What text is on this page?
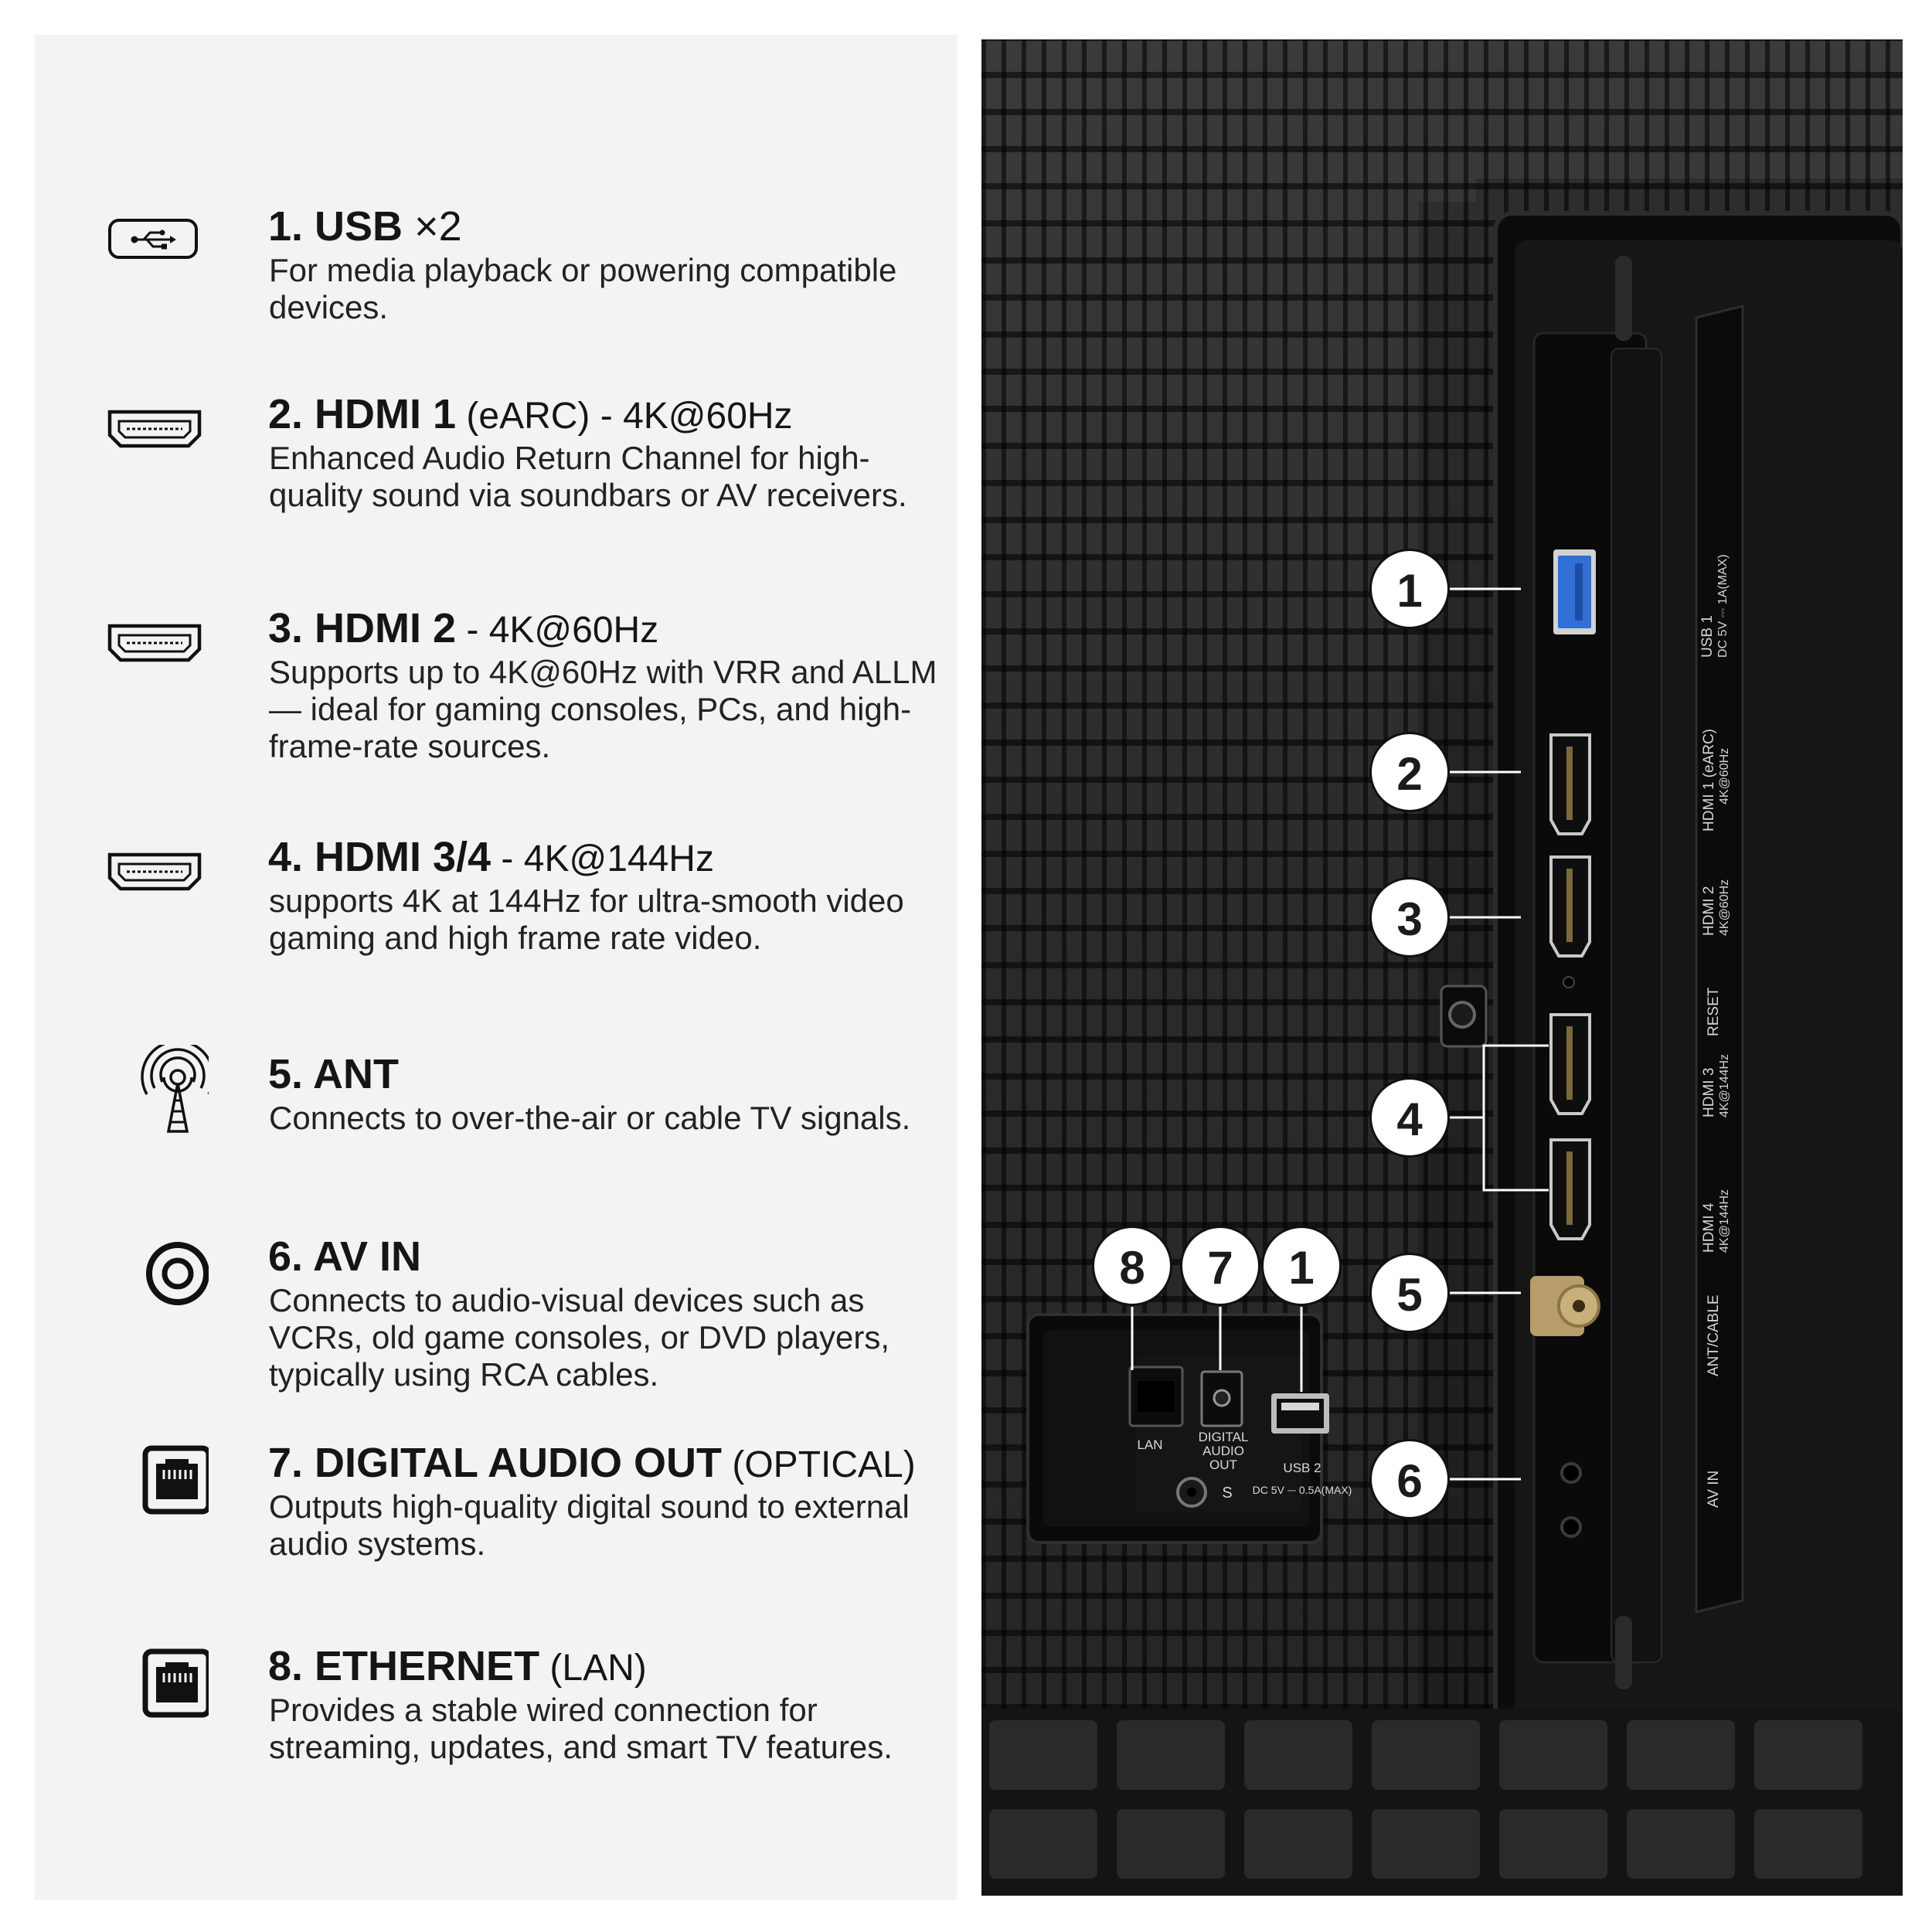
1. USB ×2
For media playback or powering compatible devices.
2. HDMI 1 (eARC) - 4K@60Hz
Enhanced Audio Return Channel for high-quality sound via soundbars or AV receivers.
3. HDMI 2 - 4K@60Hz
Supports up to 4K@60Hz with VRR and ALLM — ideal for gaming consoles, PCs, and high-frame-rate sources.
4. HDMI 3/4 - 4K@144Hz
supports 4K at 144Hz for ultra-smooth video gaming and high frame rate video.
5. ANT
Connects to over-the-air or cable TV signals.
6. AV IN
Connects to audio-visual devices such as VCRs, old game consoles, or DVD players, typically using RCA cables.
7. DIGITAL AUDIO OUT (OPTICAL)
Outputs high-quality digital sound to external audio systems.
8. ETHERNET (LAN)
Provides a stable wired connection for streaming, updates, and smart TV features.
1
2
3
4
5
6
8	7	1
LAN
DIGITAL AUDIO OUT	USB 2
DC 5V ⎓ 0.5A(MAX)
S
USB 1 DC 5V ⎓ 1A(MAX)
HDMI 1 (eARC) 4K@60Hz
HDMI 2 4K@60Hz
RESET
HDMI 3 4K@144Hz
HDMI 4 4K@144Hz
ANT/CABLE
AV IN
